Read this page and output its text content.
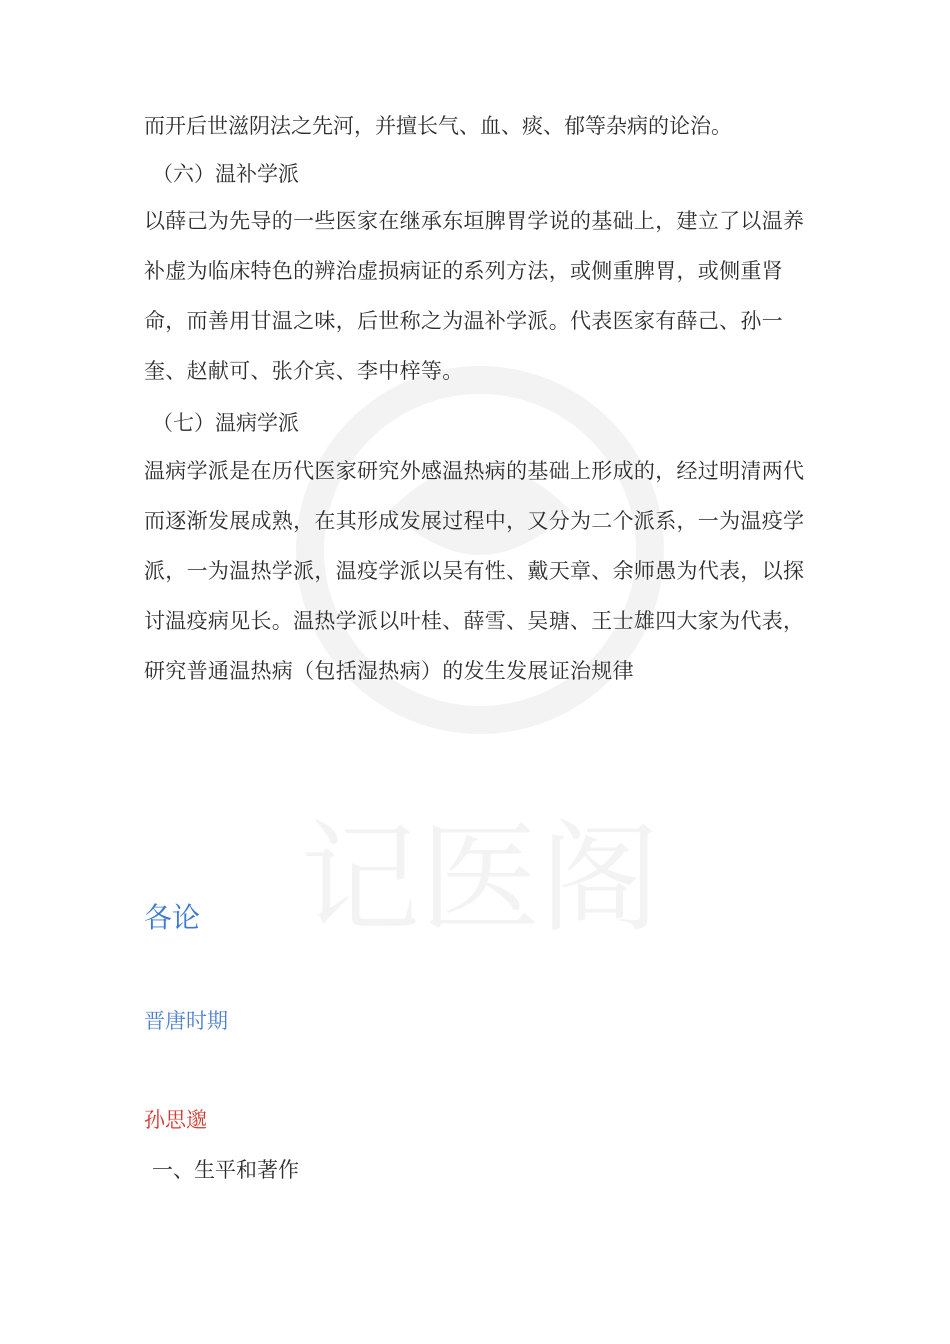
而开后世滋阴法之先河，并擅长气、血、痰、郁等杂病的论治。

（六）温补学派

以薛己为先导的一些医家在继承东垣脾胃学说的基础上，建立了以温养补虚为临床特色的辨治虚损病证的系列方法，或侧重脾胃，或侧重肾命，而善用甘温之味，后世称之为温补学派。代表医家有薛己、孙一奎、赵献可、张介宾、李中梓等。

（七）温病学派

温病学派是在历代医家研究外感温热病的基础上形成的，经过明清两代而逐渐发展成熟，在其形成发展过程中，又分为二个派系，一为温疫学派，一为温热学派，温疫学派以吴有性、戴天章、余师愚为代表，以探讨温疫病见长。温热学派以叶桂、薛雪、吴瑭、王士雄四大家为代表，研究普通温热病（包括湿热病）的发生发展证治规律

各论

晋唐时期

孙思邈

一、生平和著作
